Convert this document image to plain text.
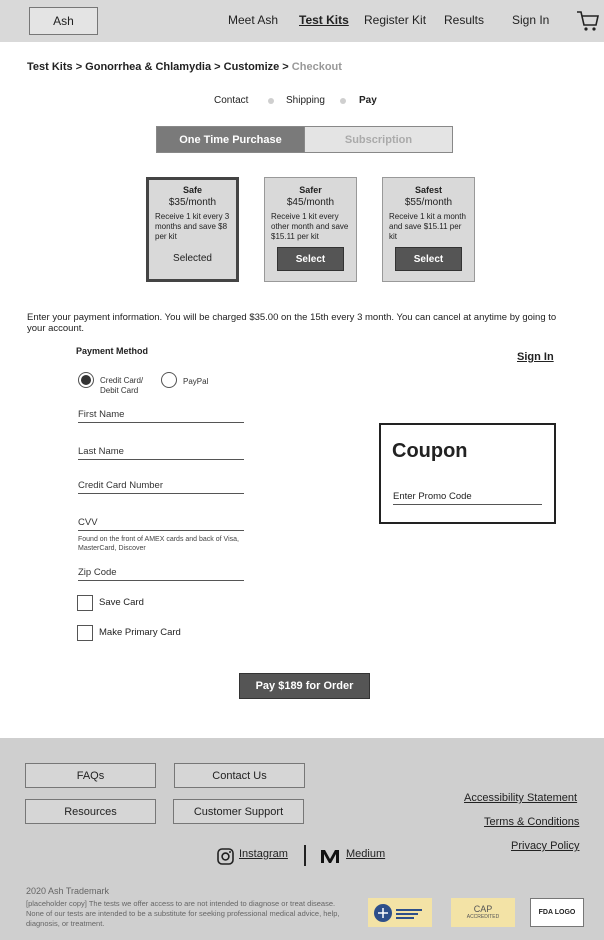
Ash	Meet Ash Test Kits Register Kit Results Sign In
Test Kits > Gonorrhea & Chlamydia > Customize > Checkout
Contact	Shipping	Pay
One Time Purchase	Subscription
Safe
$35/month
Receive 1 kit every 3 months and save $8 per kit
Selected
Safer
$45/month
Receive 1 kit every other month and save $15.11 per kit
Select
Safest
$55/month
Receive 1 kit a month and save $15.11 per kit
Select
Enter your payment information. You will be charged $35.00 on the 15th every 3 month. You can cancel at anytime by going to your account.
Payment Method	Sign In
Credit Card/
Debit Card
PayPal
First Name
Last Name
Credit Card Number
CVV
Found on the front of AMEX cards and back of Visa, MasterCard, Discover
Zip Code
Save Card
Make Primary Card
Coupon
Enter Promo Code
Pay $189 for Order
FAQs	Contact Us
Resources	Customer Support
Accessibility Statement
Terms & Conditions
Privacy Policy
Instagram	Medium
2020 Ash Trademark
[placeholder copy] The tests we offer access to are not intended to diagnose or treat disease. None of our tests are intended to be a substitute for seeking professional medical advice, help, diagnosis, or treatment.
CAP
ACCREDITED
FDA LOGO
